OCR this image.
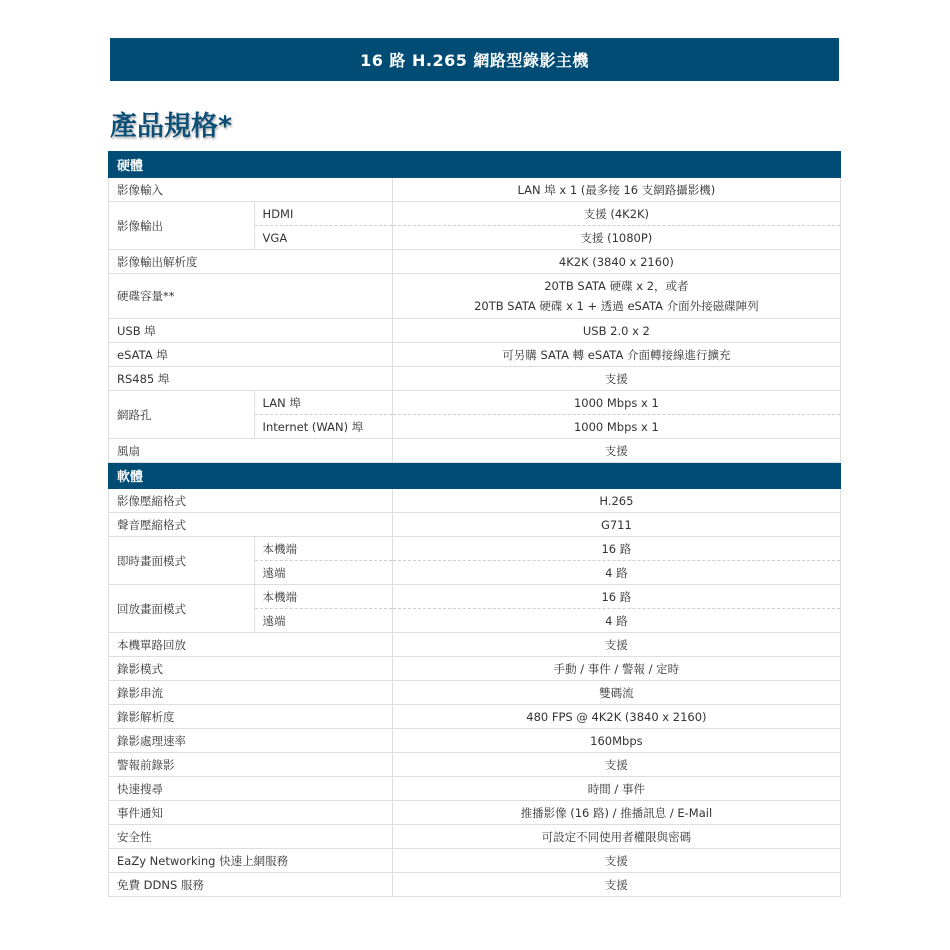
16 路 H.265 網路型錄影主機
產品規格*
硬體		
影像輸入		LAN 埠 x 1 (最多接 16 支網路攝影機)
影像輸出	HDMI	支援 (4K2K)
	VGA	支援 (1080P)
影像輸出解析度		4K2K (3840 x 2160)
硬碟容量**		20TB SATA 硬碟 x 2，或者
20TB SATA 硬碟 x 1 + 透過 eSATA 介面外接磁碟陣列

USB 埠		USB 2.0 x 2
eSATA 埠		可另購 SATA 轉 eSATA 介面轉接線進行擴充
RS485 埠		支援
網路孔	LAN 埠	1000 Mbps x 1
	Internet (WAN) 埠	1000 Mbps x 1
風扇		支援
軟體		
影像壓縮格式		H.265
聲音壓縮格式		G711
即時畫面模式	本機端	16 路
	遠端	4 路
回放畫面模式	本機端	16 路
	遠端	4 路
本機單路回放		支援
錄影模式		手動 / 事件 / 警報 / 定時
錄影串流		雙碼流
錄影解析度		480 FPS @ 4K2K (3840 x 2160)
錄影處理速率		160Mbps
警報前錄影		支援
快速搜尋		時間 / 事件
事件通知		推播影像 (16 路) / 推播訊息 / E-Mail
安全性		可設定不同使用者權限與密碼
EaZy Networking 快速上網服務		支援
免費 DDNS 服務		支援
